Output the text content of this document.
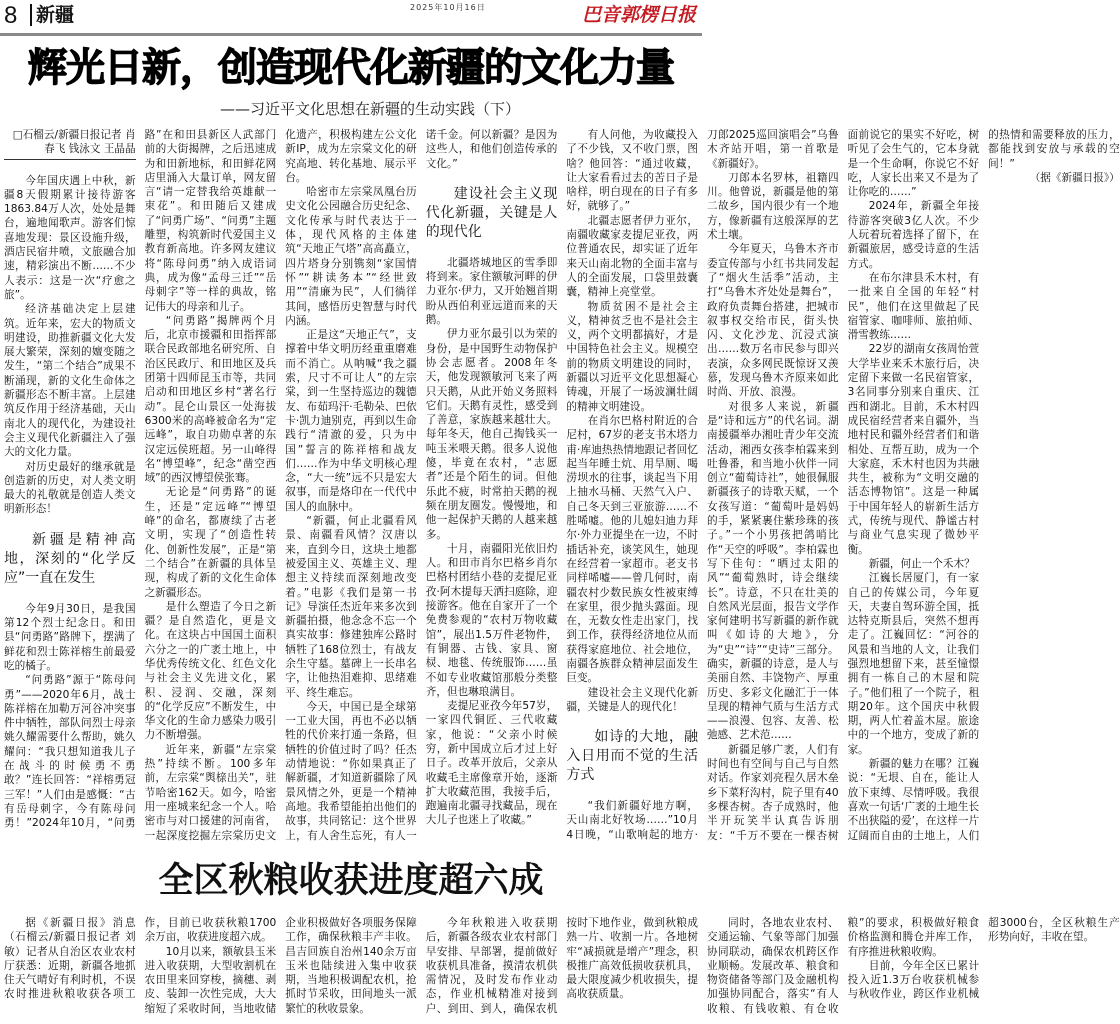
8 新疆	2025年10月16日	巴音郭楞日报
辉光日新，创造现代化新疆的文化力量
——习近平文化思想在新疆的生动实践（下）

□石榴云/新疆日报记者 肖春飞 钱泳文 王晶晶

今年国庆遇上中秋，新疆8天假期累计接待游客1863.84万人次，处处是舞台，遍地闻歌声。游客们惊喜地发现：景区设施升级，酒店民宿井喷，文旅融合加速，精彩演出不断……不少人表示：这是一次“疗愈之旅”。

经济基础决定上层建筑。近年来，宏大的物质文明建设，助推新疆文化大发展大繁荣，深刻的嬗变随之发生，“第二个结合”成果不断涌现，新的文化生命体之新疆形态不断丰富。上层建筑反作用于经济基础，天山南北人的现代化，为建设社会主义现代化新疆注入了强大的文化力量。

对历史最好的继承就是创造新的历史，对人类文明最大的礼敬就是创造人类文明新形态！

新疆是精神高地，深刻的“化学反应”一直在发生

今年9月30日，是我国第12个烈士纪念日。和田县“问勇路”路牌下，摆满了鲜花和烈士陈祥榕生前最爱吃的橘子。

“问勇路”源于“陈母问勇”——2020年6月，战士陈祥榕在加勒万河谷冲突事件中牺牲，部队问烈士母亲姚久耀需要什么帮助，姚久耀问：“我只想知道我儿子在战斗的时候勇不勇敢？”连长回答：“祥榕勇冠三军！”人们由是感慨：“古有岳母刺字，今有陈母问勇！”2024年10月，“问勇路”在和田县新区人武部门前的大街揭牌，之后迅速成为和田新地标，和田鲜花网店里涌入大量订单，网友留言“请一定替我给英雄献一束花”。和田随后又建成了“问勇广场”、“问勇”主题雕塑，构筑新时代爱国主义教育新高地。许多网友建议将“陈母问勇”纳入成语词典，成为像“孟母三迁”“岳母刺字”等一样的典故，铭记伟大的母亲和儿子。

“问勇路”揭牌两个月后，北京市援疆和田指挥部联合民政部地名研究所、自治区民政厅、和田地区及兵团第十四师昆玉市等，共同启动和田地区乡村“著名行动”。昆仑山景区一处海拔6300米的高峰被命名为“定远峰”，取自功勋卓著的东汉定远侯班超。另一山峰得名“博望峰”，纪念“凿空西域”的西汉博望侯张骞。

无论是“问勇路”的诞生，还是“定远峰”“博望峰”的命名，都赓续了古老文明，实现了“创造性转化、创新性发展”，正是“第二个结合”在新疆的具体呈现，构成了新的文化生命体之新疆形态。

是什么塑造了今日之新疆？是自然造化，更是文化。在这块占中国国土面积六分之一的广袤土地上，中华优秀传统文化、红色文化与社会主义先进文化，累积、浸润、交融，深刻的“化学反应”不断发生，中华文化的生命力感染力吸引力不断增强。

近年来，新疆“左宗棠热”持续不断。100多年前，左宗棠“舆榇出关”，驻节哈密162天。如今，哈密用一座城来纪念一个人。哈密市与对口援建的河南省，一起深度挖掘左宗棠历史文化遗产，积极构建左公文化新IP，成为左宗棠文化的研究高地、转化基地、展示平台。

哈密市左宗棠凤凰台历史文化公园融合历史纪念、文化传承与时代表达于一体，现代风格的主体建筑“天地正气塔”高高矗立，四片塔身分别镌刻“家国情怀”“耕读务本”“经世致用”“清廉为民”，人们徜徉其间，感悟历史智慧与时代内涵。

正是这“天地正气”，支撑着中华文明历经重重磨难而不消亡。从呐喊“我之疆索，尺寸不可让人”的左宗棠，到一生坚持巡边的魏德友、布茹玛汗·毛勒朵、巴依卡·凯力迪别克，再到以生命践行“清澈的爱，只为中国”誓言的陈祥榕和战友们……作为中华文明核心理念，“大一统”远不只是宏大叙事，而是烙印在一代代中国人的血脉中。

“新疆，何止北疆看风景、南疆看风情？汉唐以来，直到今日，这块土地都被爱国主义、英雄主义、理想主义持续而深刻地改变着。”电影《我们是第一书记》导演任杰近年来多次到新疆拍摄，他念念不忘一个真实故事：修建独库公路时牺牲了168位烈士，有战友余生守墓。墓碑上一长串名字，让他热泪难抑、思绪难平、终生难忘。

今天，中国已是全球第一工业大国，再也不必以牺牲的代价来打通一条路，但牺牲的价值过时了吗？任杰动情地说：“你如果真正了解新疆，才知道新疆除了风景风情之外，更是一个精神高地。我希望能拍出他们的故事，共同铭记：这个世界上，有人舍生忘死，有人一诺千金。何以新疆？是因为这些人，和他们创造传承的文化。”

建设社会主义现代化新疆，关键是人的现代化

北疆塔城地区的雪季即将到来。家住额敏河畔的伊力亚尔·伊力，又开始翘首期盼从西伯利亚远道而来的天鹅。

伊力亚尔最引以为荣的身份，是中国野生动物保护协会志愿者。2008年冬天，他发现额敏河飞来了两只天鹅，从此开始义务照料它们。天鹅有灵性，感受到了善意，家族越来越壮大。每年冬天，他自己掏钱买一吨玉米喂天鹅。很多人说他傻，毕竟在农村，“志愿者”还是个陌生的词。但他乐此不疲，时常拍天鹅的视频在朋友圈发。慢慢地，和他一起保护天鹅的人越来越多。

十月，南疆阳光依旧灼人。和田市肖尔巴格乡肖尔巴格村团结小巷的麦提尼亚孜·阿木提每天洒扫庭除，迎接游客。他在自家开了一个免费参观的“农村万物收藏馆”，展出1.5万件老物件，有铜器、古钱、家具、窗棂、地毯、传统服饰……虽不如专业收藏馆那般分类整齐，但也琳琅满目。

麦提尼亚孜今年57岁，一家四代铜匠、三代收藏家，他说：“父亲小时候穷，新中国成立后才过上好日子。改革开放后，父亲从收藏毛主席像章开始，逐渐扩大收藏范围，我接手后，跑遍南北疆寻找藏品，现在大儿子也迷上了收藏。”

有人问他，为收藏投入了不少钱，又不收门票，图啥？他回答：“通过收藏，让大家看看过去的苦日子是啥样，明白现在的日子有多好，就够了。”

北疆志愿者伊力亚尔，南疆收藏家麦提尼亚孜，两位普通农民，却实证了近年来天山南北物的全面丰富与人的全面发展，口袋里鼓囊囊，精神上亮堂堂。

物质贫困不是社会主义，精神贫乏也不是社会主义，两个文明都搞好，才是中国特色社会主义。规模空前的物质文明建设的同时，新疆以习近平文化思想凝心铸魂，开展了一场波澜壮阔的精神文明建设。

在肖尔巴格村附近的合尼村，67岁的老支书木塔力甫·库迪热热情地跟记者回忆起当年睡土炕、用旱厕、喝涝坝水的往事，谈起当下用上抽水马桶、天然气入户、自己冬天到三亚旅游……不胜唏嘘。他的儿媳妇迪力拜尔·外力亚提坐在一边，不时插话补充，谈笑风生，她现在经营着一家超市。老支书同样唏嘘——曾几何时，南疆农村少数民族女性被束缚在家里，很少抛头露面。现在，无数女性走出家门，找到工作，获得经济地位从而获得家庭地位、社会地位，南疆各族群众精神层面发生巨变。

建设社会主义现代化新疆，关键是人的现代化！

如诗的大地，融入日用而不觉的生活方式

“我们新疆好地方啊，天山南北好牧场……”10月4日晚，“山歌响起的地方·刀郎2025巡回演唱会”乌鲁木齐站开唱，第一首歌是《新疆好》。

刀郎本名罗林，祖籍四川。他曾说，新疆是他的第二故乡，国内很少有一个地方，像新疆有这般深厚的艺术土壤。

今年夏天，乌鲁木齐市委宣传部与小红书共同发起了“烟火生活季”活动，主打“乌鲁木齐处处是舞台”，政府负责舞台搭建，把城市叙事权交给市民，街头快闪、文化沙龙、沉浸式演出……数万名市民参与即兴表演，众多网民既惊讶又羡慕，发现乌鲁木齐原来如此时尚、开放、浪漫。

对很多人来说，新疆是“诗和远方”的代名词。湖南援疆举办湘吐青少年交流活动，湘西女孩李柏霖来到吐鲁番，和当地小伙伴一同创立“葡萄诗社”，她很佩服新疆孩子的诗歌天赋，一个女孩写道：“葡萄叶是妈妈的手，紧紧裹住紫珍珠的孩子。”一个小男孩把鸽哨比作“天空的呼吸”。李柏霖也写下佳句：“晒过太阳的风”“葡萄熟时，诗会继续长”。诗意，不只在壮美的自然风光层面，报告文学作家何建明书写新疆的新作就叫《如诗的大地》，分为“史”“诗”“史诗”三部分。确实，新疆的诗意，是人与美丽自然、丰饶物产、厚重历史、多彩文化融汇于一体呈现的精神气质与生活方式——浪漫、包容、友善、松弛感、艺术范……

新疆足够广袤，人们有时间也有空间与自己与自然对话。作家刘亮程久居木垒乡下菜籽沟村，院子里有40多棵杏树。杏子成熟时，他半开玩笑半认真告诉朋友：“千万不要在一棵杏树面前说它的果实不好吃，树听见了会生气的，它本身就是一个生命啊，你说它不好吃，人家长出来又不是为了让你吃的……”

2024年，新疆全年接待游客突破3亿人次。不少人玩着玩着选择了留下，在新疆旅居，感受诗意的生活方式。

在布尔津县禾木村，有一批来自全国的年轻“村民”，他们在这里做起了民宿管家、咖啡师、旅拍师、滑雪教练……

22岁的湖南女孩周怡萱大学毕业来禾木旅行后，决定留下来做一名民宿管家，3名同事分别来自重庆、江西和湖北。目前，禾木村四成民宿经营者来自疆外，当地村民和疆外经营者们和谐相处、互帮互助，成为一个大家庭，禾木村也因为共融共生，被称为“文明交融的活态博物馆”。这是一种属于中国年轻人的崭新生活方式，传统与现代、静谧古村与商业气息实现了微妙平衡。

新疆，何止一个禾木？

江巍长居厦门，有一家自己的传媒公司，今年夏天，夫妻自驾环游全国，抵达特克斯县后，突然不想再走了。江巍回忆：“河谷的风景和当地的人文，让我们强烈地想留下来，甚至憧憬拥有一栋自己的木屋和院子。”他们租了一个院子，租期20年。这个国庆中秋假期，两人忙着盖木屋。旅途中的一个地方，变成了新的家。

新疆的魅力在哪？江巍说：“无垠、自在，能让人放下束缚、尽情呼吸。我很喜欢一句话‘广袤的土地生长不出狭隘的爱’，在这样一片辽阔而自由的土地上，人们的热情和需要释放的压力，都能找到安放与承载的空间！”

（据《新疆日报》）

全区秋粮收获进度超六成

据《新疆日报》消息（石榴云/新疆日报记者 刘敏）记者从自治区农业农村厅获悉：近期，新疆各地抓住天气晴好有利时机，不误农时推进秋粮收获各项工作，目前已收获秋粮1700余万亩，收获进度超六成。

10月以来，额敏县玉米进入收获期，大型收割机在农田里来回穿梭，摘穗、剥皮、装卸一次性完成，大大缩短了采收时间，当地收储企业积极做好各项服务保障工作，确保秋粮丰产丰收。昌吉回族自治州140余万亩玉米也陆续进入集中收获期，当地积极调配农机，抢抓时节采收，田间地头一派繁忙的秋收景象。

今年秋粮进入收获期后，新疆各级农业农村部门早安排、早部署，提前做好收获机具准备，摸清农机供需情况，及时发布作业动态，作业机械精准对接到户、到田、到人，确保农机按时下地作业，做到秋粮成熟一片、收割一片。各地树牢“减损就是增产”理念，积极推广高效低损收获机具，最大限度减少机收损失，提高收获质量。

同时，各地农业农村、交通运输、气象等部门加强协同联动，确保农机跨区作业顺畅。发展改革、粮食和物资储备等部门及金融机构加强协同配合，落实“有人收粮、有钱收粮、有仓收粮”的要求，积极做好粮食价格监测和腾仓并库工作，有序推进秋粮收购。

目前，今年全区已累计投入近1.3万台收获机械参与秋收作业，跨区作业机械超3000台，全区秋粮生产形势向好，丰收在望。
